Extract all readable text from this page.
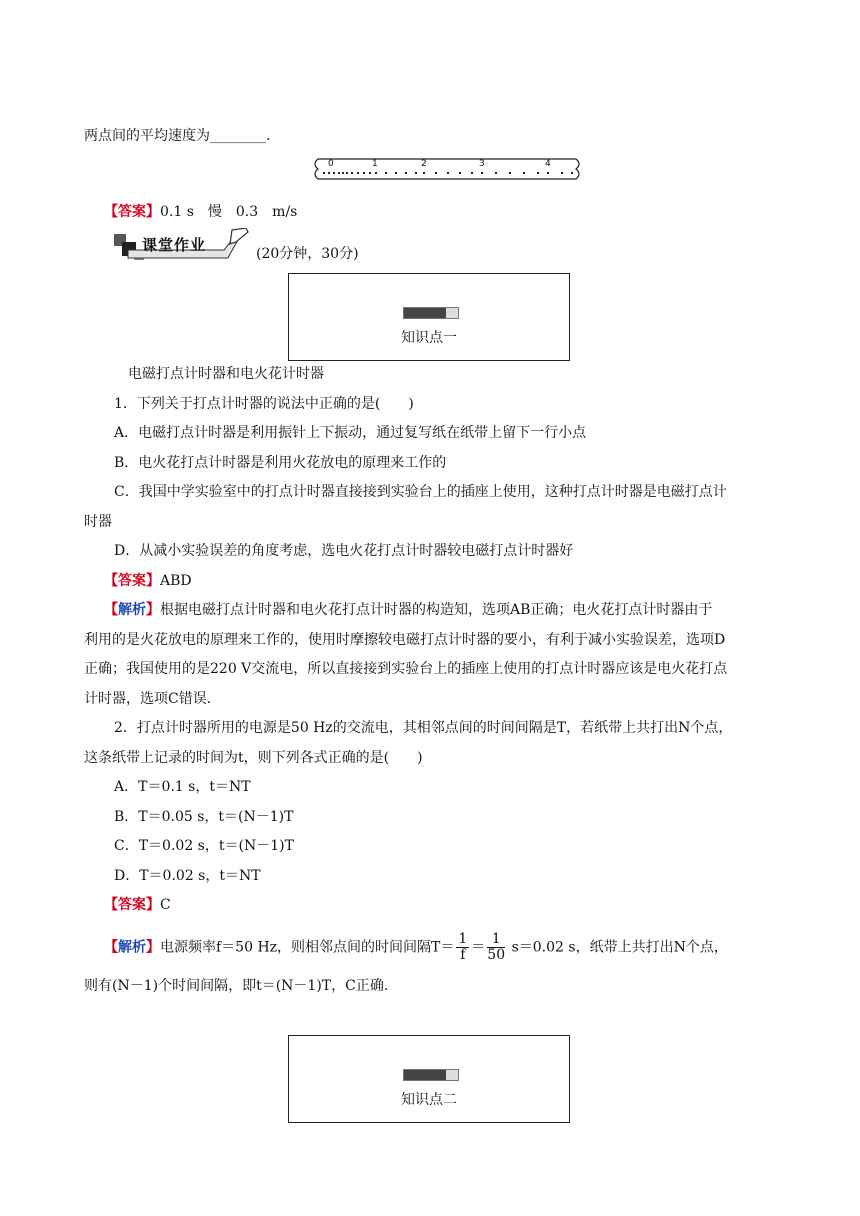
两点间的平均速度为________.
0	1	2	3	4
【答案】0.1 s　慢　0.3　m/s
课堂作业	(20分钟，30分)
知识点一
电磁打点计时器和电火花计时器
1．下列关于打点计时器的说法中正确的是(　　)
A．电磁打点计时器是利用振针上下振动，通过复写纸在纸带上留下一行小点
B．电火花打点计时器是利用火花放电的原理来工作的
C．我国中学实验室中的打点计时器直接接到实验台上的插座上使用，这种打点计时器是电磁打点计
时器
D．从减小实验误差的角度考虑，选电火花打点计时器较电磁打点计时器好
【答案】ABD
【解析】根据电磁打点计时器和电火花打点计时器的构造知，选项AB正确；电火花打点计时器由于
利用的是火花放电的原理来工作的，使用时摩擦较电磁打点计时器的要小，有利于减小实验误差，选项D
正确；我国使用的是220 V交流电，所以直接接到实验台上的插座上使用的打点计时器应该是电火花打点
计时器，选项C错误.
2．打点计时器所用的电源是50 Hz的交流电，其相邻点间的时间间隔是T，若纸带上共打出N个点，
这条纸带上记录的时间为t，则下列各式正确的是(　　)
A．T＝0.1 s，t＝NT
B．T＝0.05 s，t＝(N－1)T
C．T＝0.02 s，t＝(N－1)T
D．T＝0.02 s，t＝NT
【答案】C
【解析】电源频率f＝50 Hz，则相邻点间的时间间隔$T= \frac{1}{f} = \frac{1}{50} s=0.02$ s，纸带上共打出N个点，
则有(N－1)个时间间隔，即t＝(N－1)T，C正确.
知识点二
